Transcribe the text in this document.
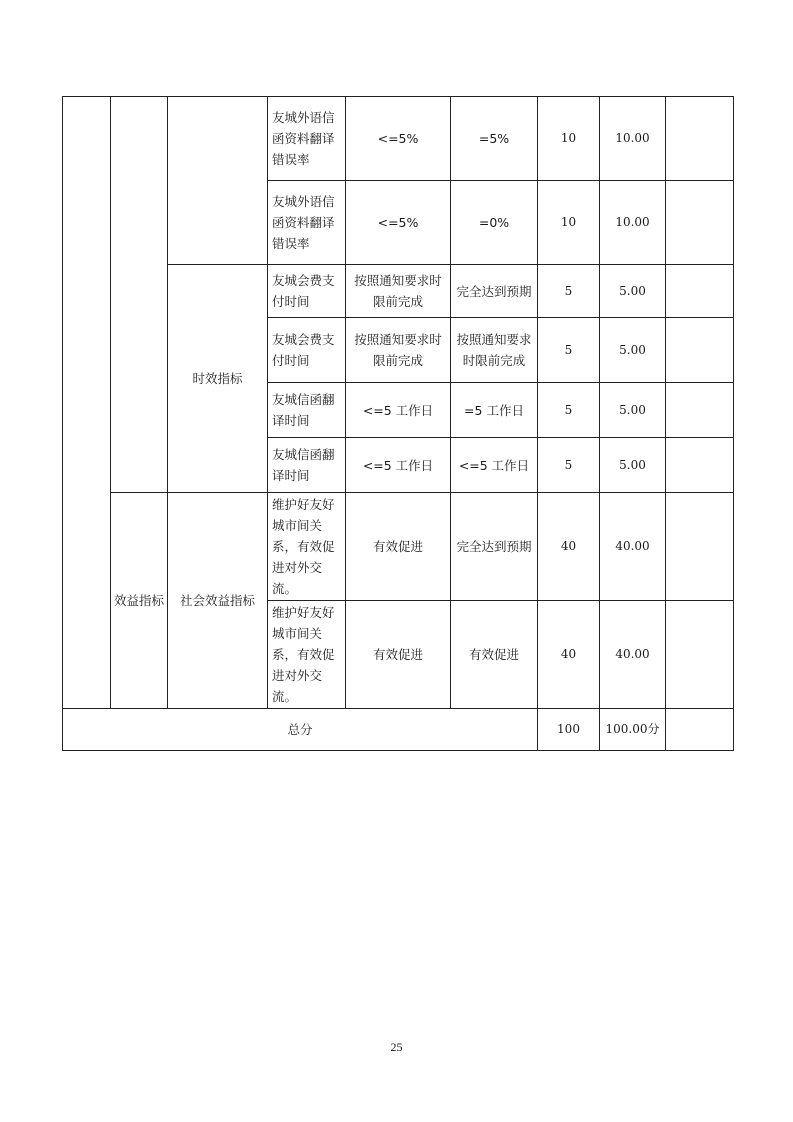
			友城外语信函资料翻译错误率	<=5%	=5%	10	10.00	
			友城外语信函资料翻译错误率	<=5%	=0%	10	10.00	
		时效指标	友城会费支付时间	按照通知要求时限前完成	完全达到预期	5	5.00	
			友城会费支付时间	按照通知要求时限前完成	按照通知要求时限前完成	5	5.00	
			友城信函翻译时间	<=5 工作日	=5 工作日	5	5.00	
			友城信函翻译时间	<=5 工作日	<=5 工作日	5	5.00	
	效益指标	社会效益指标	维护好友好城市间关系，有效促进对外交流。	有效促进	完全达到预期	40	40.00	
			维护好友好城市间关系，有效促进对外交流。	有效促进	有效促进	40	40.00	
总分						100	100.00分	
25
